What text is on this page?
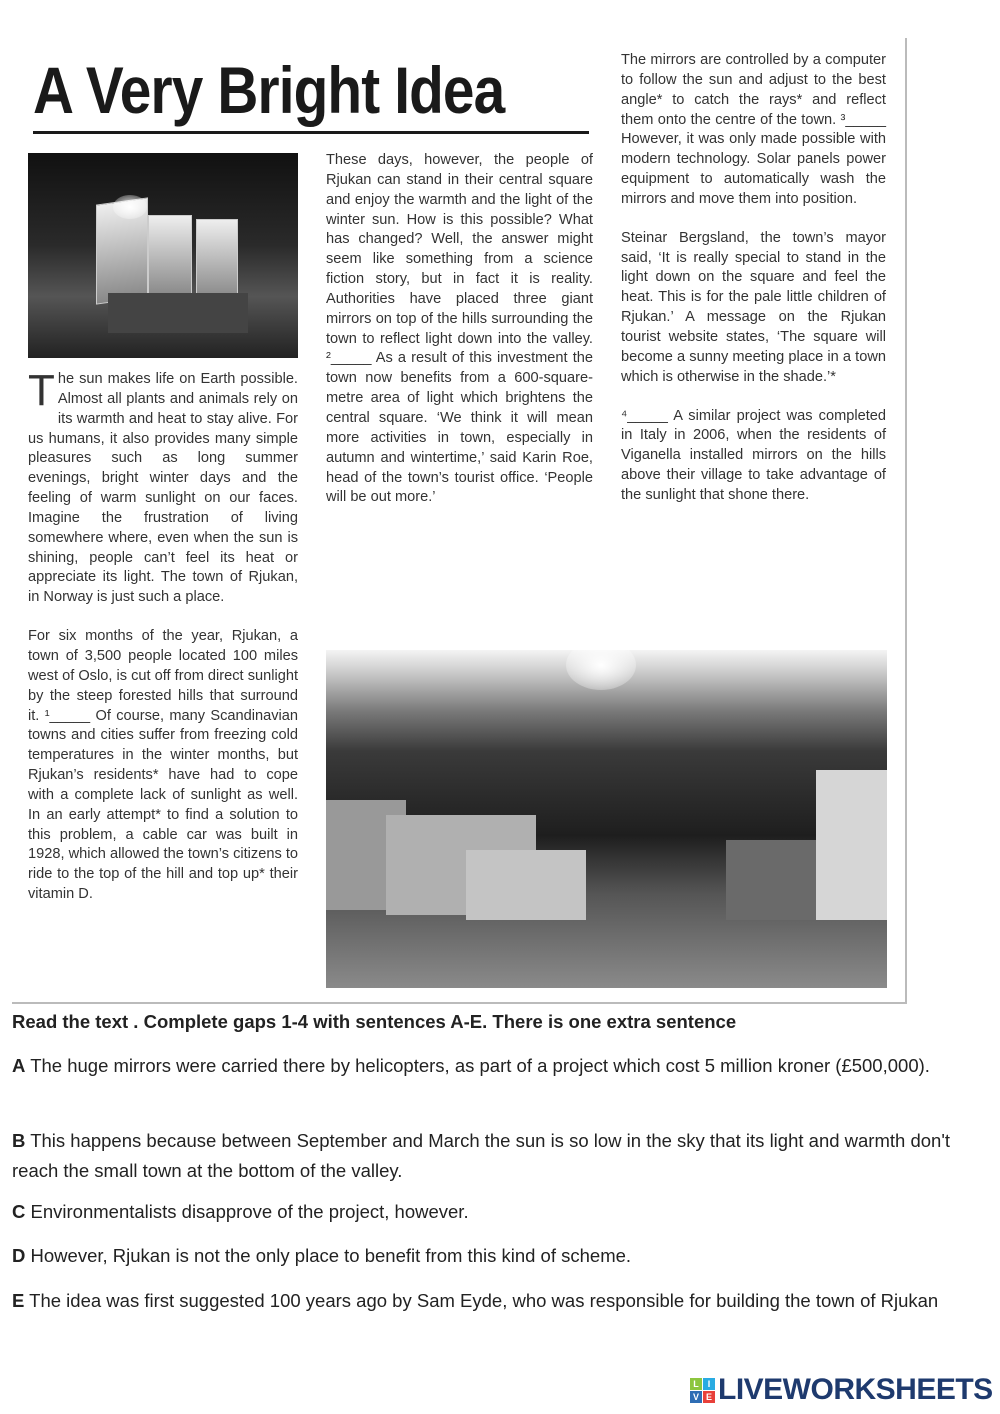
A Very Bright Idea

The sun makes life on Earth possible. Almost all plants and animals rely on its warmth and heat to stay alive. For us humans, it also provides many simple pleasures such as long summer evenings, bright winter days and the feeling of warm sunlight on our faces. Imagine the frustration of living somewhere where, even when the sun is shining, people can’t feel its heat or appreciate its light. The town of Rjukan, in Norway is just such a place.

For six months of the year, Rjukan, a town of 3,500 people located 100 miles west of Oslo, is cut off from direct sunlight by the steep forested hills that surround it. ¹_____ Of course, many Scandinavian towns and cities suffer from freezing cold temperatures in the winter months, but Rjukan’s residents* have had to cope with a complete lack of sunlight as well. In an early attempt* to find a solution to this problem, a cable car was built in 1928, which allowed the town’s citizens to ride to the top of the hill and top up* their vitamin D.

These days, however, the people of Rjukan can stand in their central square and enjoy the warmth and the light of the winter sun. How is this possible? What has changed? Well, the answer might seem like something from a science fiction story, but in fact it is reality. Authorities have placed three giant mirrors on top of the hills surrounding the town to reflect light down into the valley. ²_____ As a result of this investment the town now benefits from a 600-square-metre area of light which brightens the central square. ‘We think it will mean more activities in town, especially in autumn and wintertime,’ said Karin Roe, head of the town’s tourist office. ‘People will be out more.’

The mirrors are controlled by a computer to follow the sun and adjust to the best angle* to catch the rays* and reflect them onto the centre of the town. ³_____ However, it was only made possible with modern technology. Solar panels power equipment to automatically wash the mirrors and move them into position.

Steinar Bergsland, the town’s mayor said, ‘It is really special to stand in the light down on the square and feel the heat. This is for the pale little children of Rjukan.’ A message on the Rjukan tourist website states, ‘The square will become a sunny meeting place in a town which is otherwise in the shade.’*

⁴_____ A similar project was completed in Italy in 2006, when the residents of Viganella installed mirrors on the hills above their village to take advantage of the sunlight that shone there.

Read the text . Complete gaps 1-4 with sentences A-E. There is one extra sentence
A The huge mirrors were carried there by helicopters, as part of a project which cost 5 million kroner (£500,000).
B This happens because between September and March the sun is so low in the sky that its light and warmth don't reach the small town at the bottom of the valley.
C Environmentalists disapprove of the project, however.
D However, Rjukan is not the only place to benefit from this kind of scheme.
E The idea was first suggested 100 years ago by Sam Eyde, who was responsible for building the town of Rjukan
L I
V E LIVEWORKSHEETS
